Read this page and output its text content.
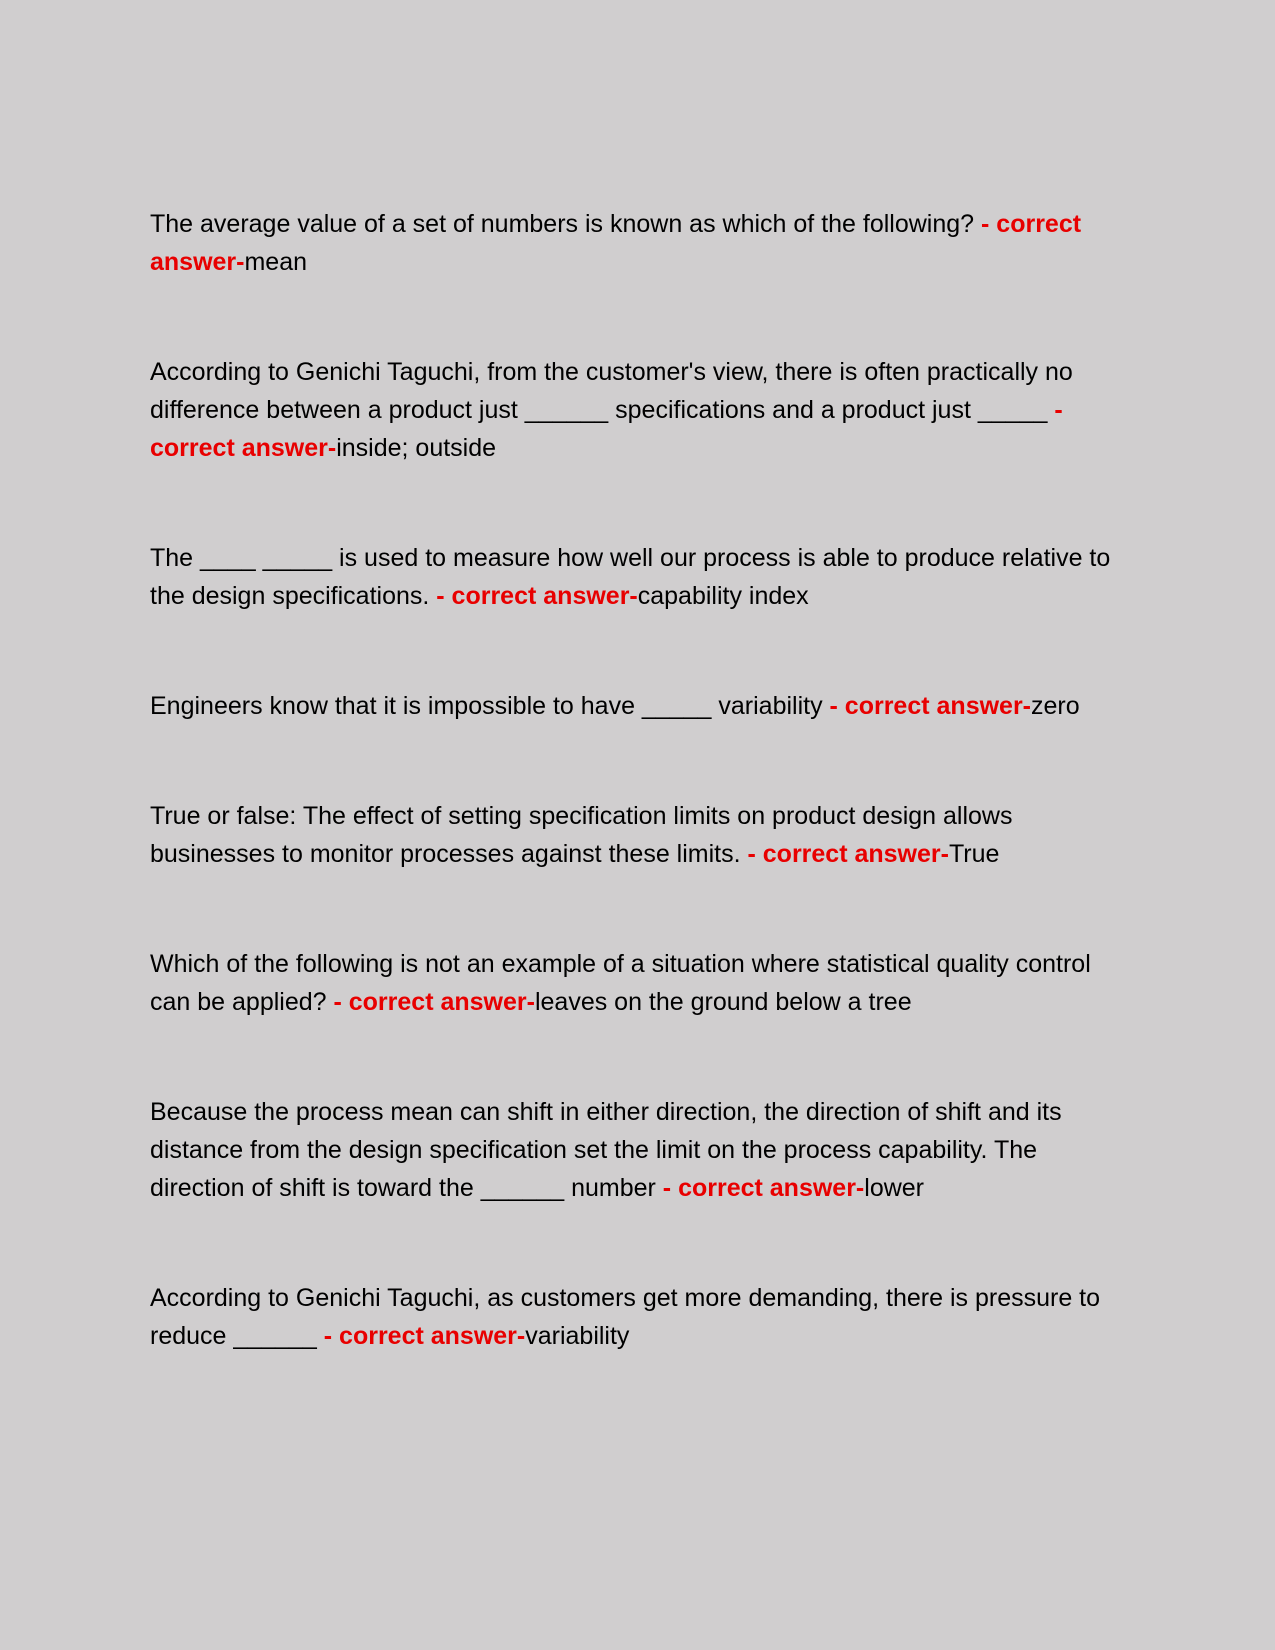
The average value of a set of numbers is known as which of the following? - correct answer-mean

According to Genichi Taguchi, from the customer's view, there is often practically no difference between a product just ______ specifications and a product just _____ - correct answer-inside; outside

The ____ _____ is used to measure how well our process is able to produce relative to the design specifications. - correct answer-capability index

Engineers know that it is impossible to have _____ variability - correct answer-zero

True or false: The effect of setting specification limits on product design allows businesses to monitor processes against these limits. - correct answer-True

Which of the following is not an example of a situation where statistical quality control can be applied? - correct answer-leaves on the ground below a tree

Because the process mean can shift in either direction, the direction of shift and its distance from the design specification set the limit on the process capability. The direction of shift is toward the ______ number - correct answer-lower

According to Genichi Taguchi, as customers get more demanding, there is pressure to reduce ______ - correct answer-variability
